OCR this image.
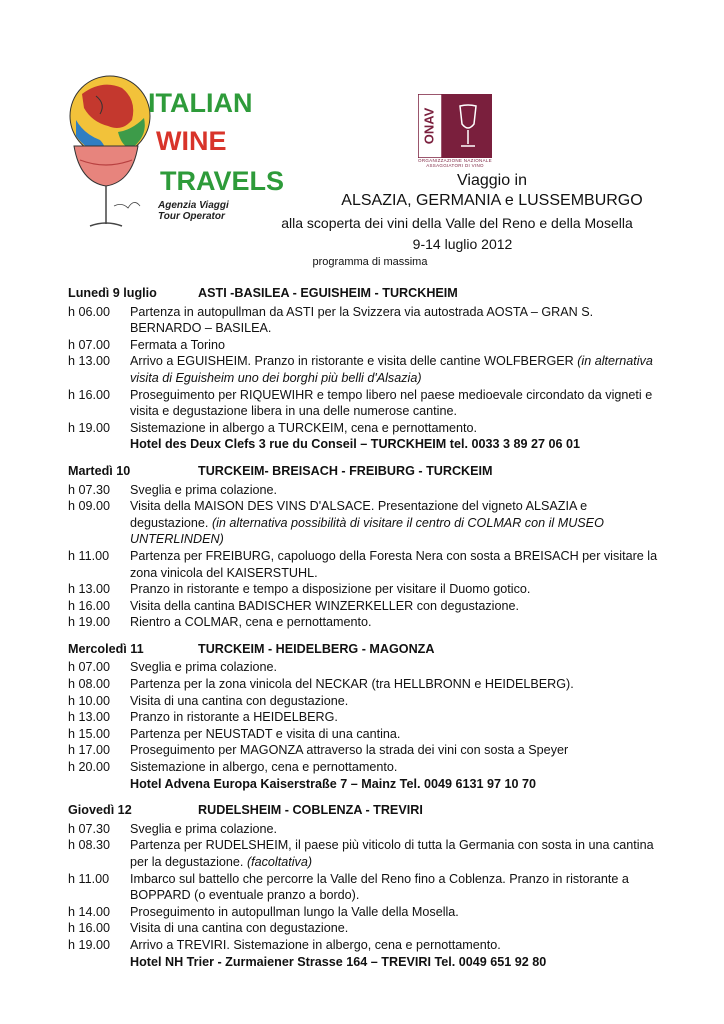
ITALIAN
WINE
TRAVELS
Agenzia Viaggi
Tour Operator
ONAV
ORGANIZZAZIONE NAZIONALE ASSAGGIATORI DI VINO
Viaggio in
ALSAZIA, GERMANIA e LUSSEMBURGO
alla scoperta dei vini della Valle del Reno e della Mosella
9-14 luglio 2012
programma di massima
Lunedì 9 luglio	ASTI -BASILEA - EGUISHEIM - TURCKHEIM
h 06.00	Partenza in autopullman da ASTI per la Svizzera via autostrada AOSTA – GRAN S. BERNARDO – BASILEA.
h 07.00	Fermata a Torino
h 13.00	Arrivo a EGUISHEIM. Pranzo in ristorante e visita delle cantine WOLFBERGER (in alternativa visita di Eguisheim uno dei borghi più belli d'Alsazia)
h 16.00	Proseguimento per RIQUEWIHR e tempo libero nel paese medioevale circondato da vigneti e visita e degustazione libera in una delle numerose cantine.
h 19.00	Sistemazione in albergo a TURCKEIM, cena e pernottamento.
Hotel des Deux Clefs 3 rue du Conseil – TURCKHEIM tel. 0033 3 89 27 06 01
Martedì 10	TURCKEIM- BREISACH - FREIBURG - TURCKEIM
h 07.30	Sveglia e prima colazione.
h 09.00	Visita della MAISON DES VINS D'ALSACE. Presentazione del vigneto ALSAZIA e degustazione. (in alternativa possibilità di visitare il centro di COLMAR con il MUSEO UNTERLINDEN)
h 11.00	Partenza per FREIBURG, capoluogo della Foresta Nera con sosta a BREISACH per visitare la zona vinicola del KAISERSTUHL.
h 13.00	Pranzo in ristorante e tempo a disposizione per visitare il Duomo gotico.
h 16.00	Visita della cantina BADISCHER WINZERKELLER con degustazione.
h 19.00	Rientro a COLMAR, cena e pernottamento.
Mercoledì 11	TURCKEIM - HEIDELBERG - MAGONZA
h 07.00	Sveglia e prima colazione.
h 08.00	Partenza per la zona vinicola del NECKAR (tra HELLBRONN e HEIDELBERG).
h 10.00	Visita di una cantina con degustazione.
h 13.00	Pranzo in ristorante a HEIDELBERG.
h 15.00	Partenza per NEUSTADT e visita di una cantina.
h 17.00	Proseguimento per MAGONZA attraverso la strada dei vini con sosta a Speyer
h 20.00	Sistemazione in albergo, cena e pernottamento.
Hotel Advena Europa Kaiserstraße 7 – Mainz Tel. 0049 6131 97 10 70
Giovedì 12	RUDELSHEIM - COBLENZA - TREVIRI
h 07.30	Sveglia e prima colazione.
h 08.30	Partenza per RUDELSHEIM, il paese più viticolo di tutta la Germania con sosta in una cantina per la degustazione. (facoltativa)
h 11.00	Imbarco sul battello che percorre la Valle del Reno fino a Coblenza. Pranzo in ristorante a BOPPARD (o eventuale pranzo a bordo).
h 14.00	Proseguimento in autopullman lungo la Valle della Mosella.
h 16.00	Visita di una cantina con degustazione.
h 19.00	Arrivo a TREVIRI. Sistemazione in albergo, cena e pernottamento.
Hotel NH Trier - Zurmaiener Strasse 164 – TREVIRI Tel. 0049 651 92 80
